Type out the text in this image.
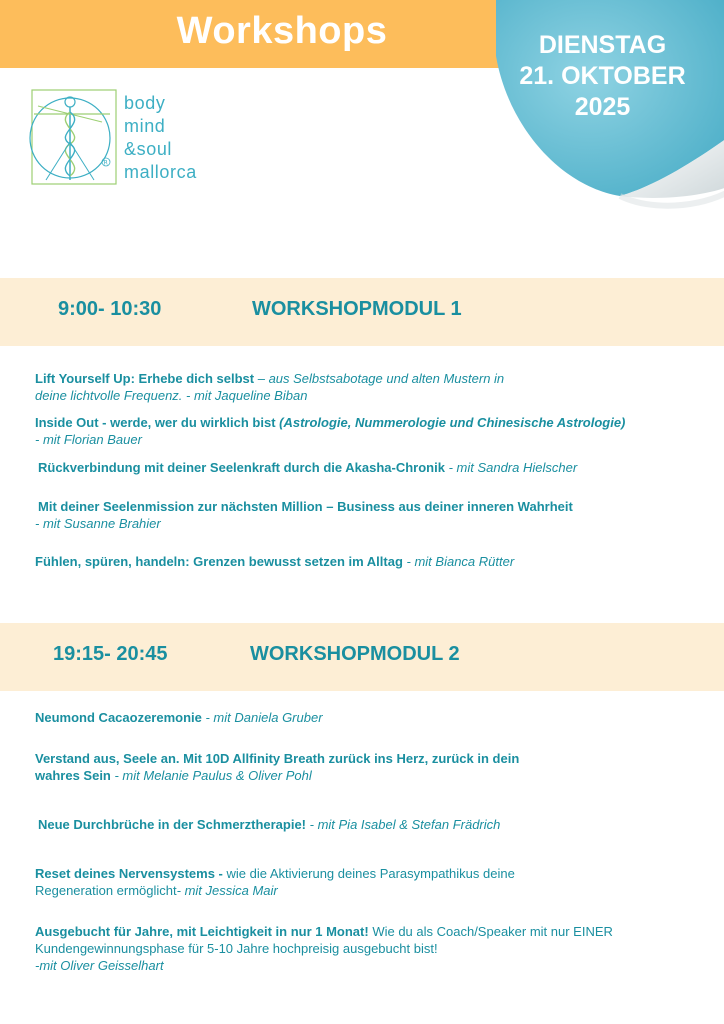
Workshops	DIENSTAG
21. OKTOBER
2025
R
body
mind
&soul
mallorca
9:00- 10:30	WORKSHOPMODUL 1
Lift Yourself Up: Erhebe dich selbst – aus Selbstsabotage und alten Mustern in
deine lichtvolle Frequenz. - mit Jaqueline Biban
Inside Out - werde, wer du wirklich bist (Astrologie, Nummerologie und Chinesische Astrologie)
- mit Florian Bauer
Rückverbindung mit deiner Seelenkraft durch die Akasha-Chronik - mit Sandra Hielscher
Mit deiner Seelenmission zur nächsten Million – Business aus deiner inneren Wahrheit
- mit Susanne Brahier
Fühlen, spüren, handeln: Grenzen bewusst setzen im Alltag - mit Bianca Rütter
19:15- 20:45	WORKSHOPMODUL 2
Neumond Cacaozeremonie - mit Daniela Gruber
Verstand aus, Seele an. Mit 10D Allfinity Breath zurück ins Herz, zurück in dein
wahres Sein - mit Melanie Paulus & Oliver Pohl
Neue Durchbrüche in der Schmerztherapie! - mit Pia Isabel & Stefan Frädrich
Reset deines Nervensystems - wie die Aktivierung deines Parasympathikus deine
Regeneration ermöglicht- mit Jessica Mair
Ausgebucht für Jahre, mit Leichtigkeit in nur 1 Monat! Wie du als Coach/Speaker mit nur EINER
Kundengewinnungsphase für 5-10 Jahre hochpreisig ausgebucht bist!
-mit Oliver Geisselhart
